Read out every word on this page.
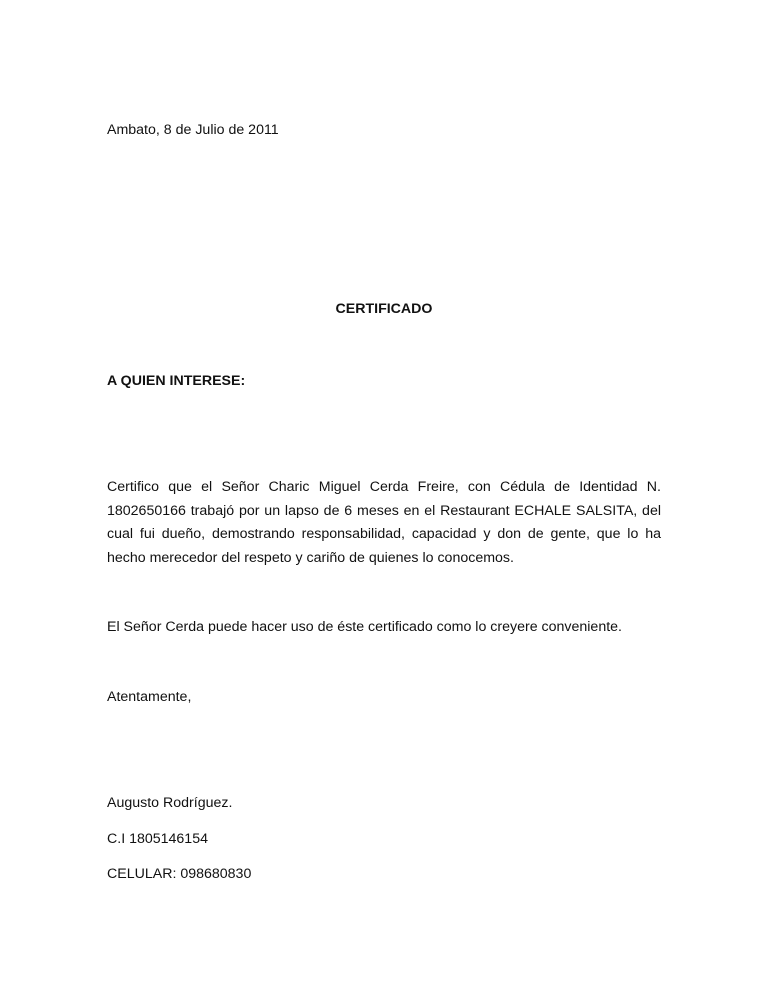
Ambato, 8 de Julio de 2011
CERTIFICADO
A QUIEN INTERESE:
Certifico que el Señor Charic Miguel Cerda Freire, con Cédula de Identidad N. 1802650166 trabajó por un lapso de 6 meses en el Restaurant ECHALE SALSITA, del cual fui dueño, demostrando responsabilidad, capacidad y don de gente, que lo ha hecho merecedor del respeto y cariño de quienes lo conocemos.
El Señor Cerda puede hacer uso de éste certificado como lo creyere conveniente.
Atentamente,
Augusto Rodríguez.
C.I 1805146154
CELULAR: 098680830
